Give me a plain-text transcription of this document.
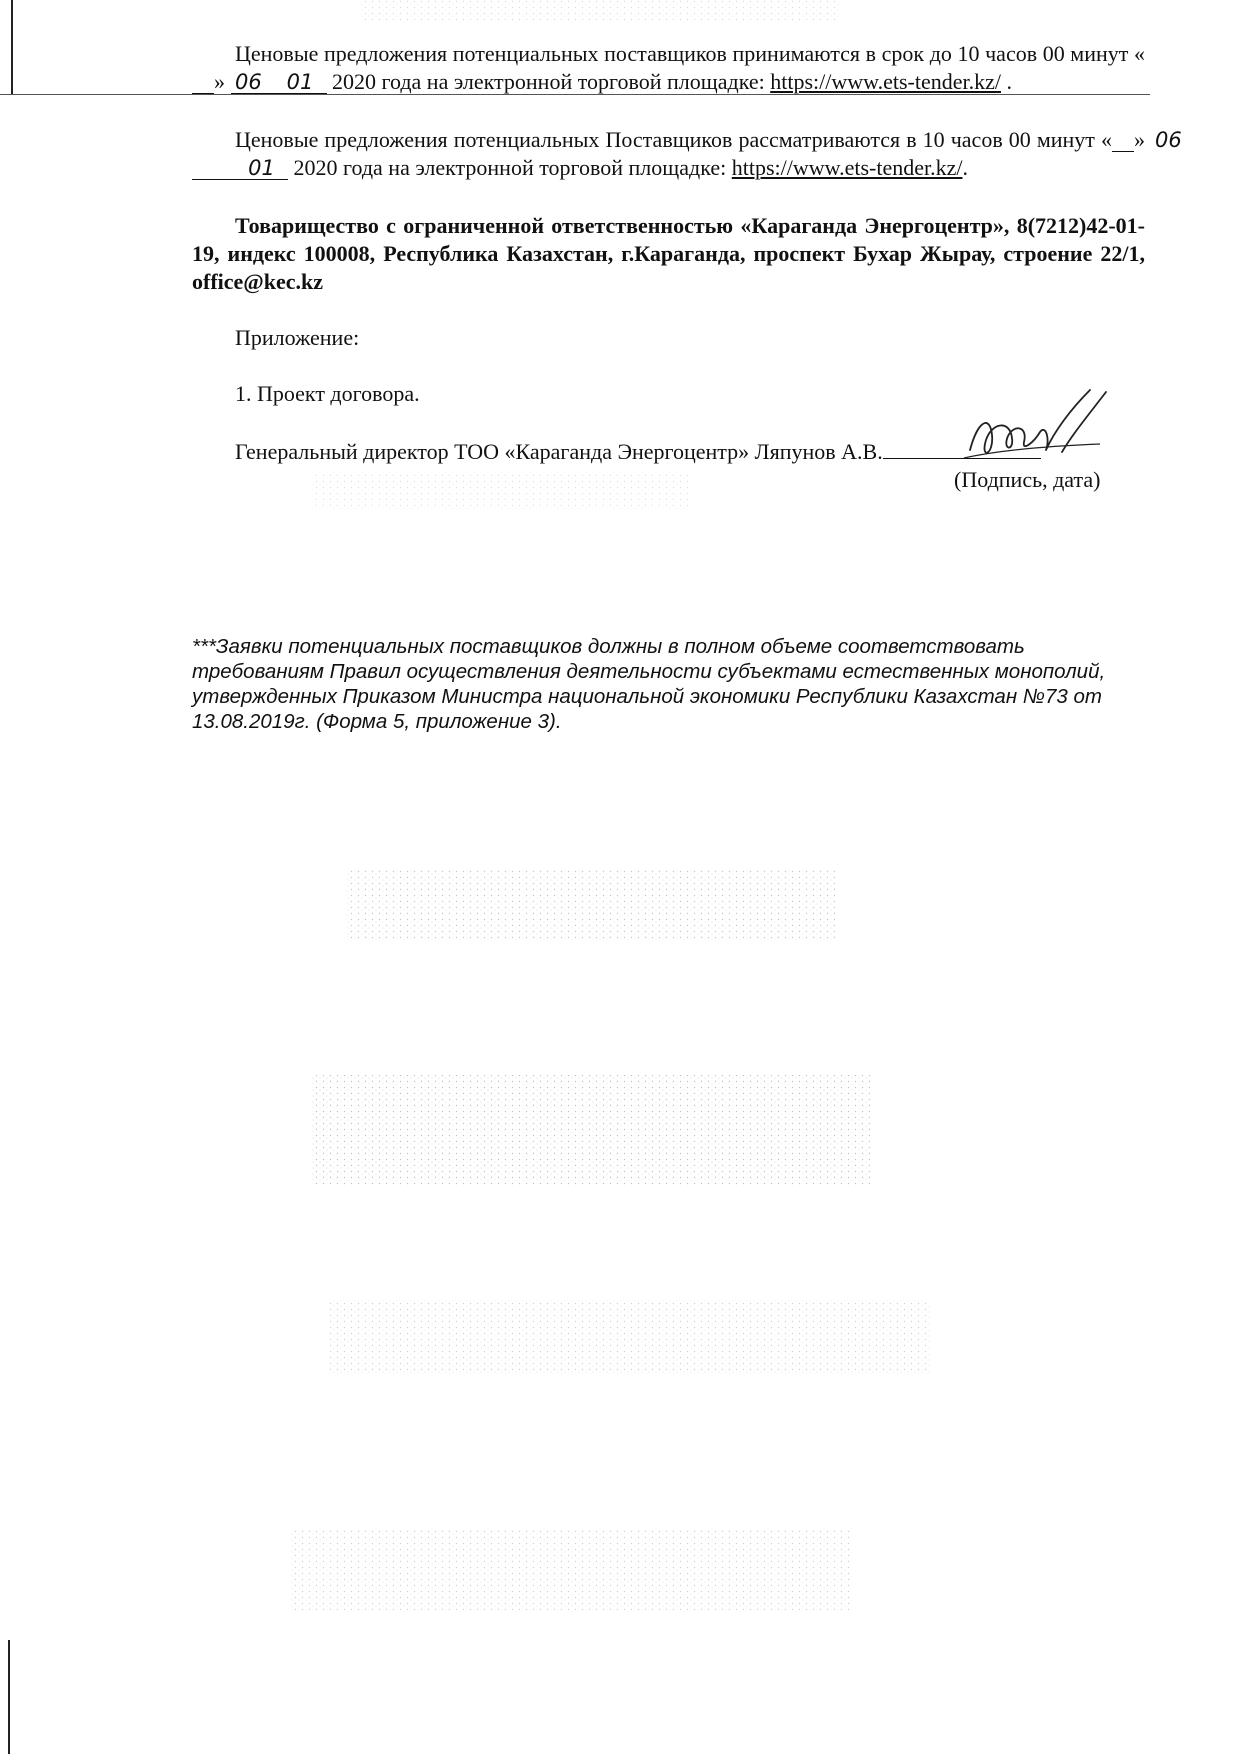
Ценовые предложения потенциальных поставщиков принимаются в срок до 10 часов 00 минут «06»	01 2020 года на электронной торговой площадке: https://www.ets-tender.kz/ .
Ценовые предложения потенциальных Поставщиков рассматриваются в 10 часов 00 минут « 06» 01 2020 года на электронной торговой площадке: https://www.ets-tender.kz/.
Товарищество с ограниченной ответственностью «Караганда Энергоцентр», 8(7212)42-01-19, индекс 100008, Республика Казахстан, г.Караганда, проспект Бухар Жырау, строение 22/1, office@kec.kz
Приложение:
1. Проект договора.
Генеральный директор ТОО «Караганда Энергоцентр» Ляпунов А.В.
(Подпись, дата)
***Заявки потенциальных поставщиков должны в полном объеме соответствовать требованиям Правил осуществления деятельности субъектами естественных монополий, утвержденных Приказом Министра национальной экономики Республики Казахстан №73 от 13.08.2019г. (Форма 5, приложение 3).
